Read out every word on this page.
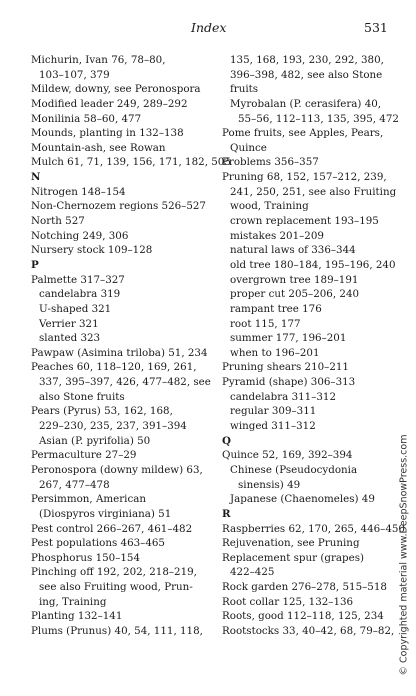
Index	531
Michurin, Ivan 76, 78–80,
103–107, 379
Mildew, downy, see Peronospora
Modified leader 249, 289–292
Monilinia 58–60, 477
Mounds, planting in 132–138
Mountain-ash, see Rowan
Mulch 61, 71, 139, 156, 171, 182, 505
N
Nitrogen 148–154
Non-Chernozem regions 526–527
North 527
Notching 249, 306
Nursery stock 109–128
P
Palmette 317–327
candelabra 319
U-shaped 321
Verrier 321
slanted 323
Pawpaw (Asimina triloba) 51, 234
Peaches 60, 118–120, 169, 261,
337, 395–397, 426, 477–482, see
also Stone fruits
Pears (Pyrus) 53, 162, 168,
229–230, 235, 237, 391–394
Asian (P. pyrifolia) 50
Permaculture 27–29
Peronospora (downy mildew) 63,
267, 477–478
Persimmon, American
(Diospyros virginiana) 51
Pest control 266–267, 461–482
Pest populations 463–465
Phosphorus 150–154
Pinching off 192, 202, 218–219,
see also Fruiting wood, Prun-
ing, Training
Planting 132–141
Plums (Prunus) 40, 54, 111, 118,
135, 168, 193, 230, 292, 380,
396–398, 482, see also Stone
fruits
Myrobalan (P. cerasifera) 40,
55–56, 112–113, 135, 395, 472
Pome fruits, see Apples, Pears,
Quince
Problems 356–357
Pruning 68, 152, 157–212, 239,
241, 250, 251, see also Fruiting
wood, Training
crown replacement 193–195
mistakes 201–209
natural laws of 336–344
old tree 180–184, 195–196, 240
overgrown tree 189–191
proper cut 205–206, 240
rampant tree 176
root 115, 177
summer 177, 196–201
when to 196–201
Pruning shears 210–211
Pyramid (shape) 306–313
candelabra 311–312
regular 309–311
winged 311–312
Q
Quince 52, 169, 392–394
Chinese (Pseudocydonia
sinensis) 49
Japanese (Chaenomeles) 49
R
Raspberries 62, 170, 265, 446–450
Rejuvenation, see Pruning
Replacement spur (grapes)
422–425
Rock garden 276–278, 515–518
Root collar 125, 132–136
Roots, good 112–118, 125, 234
Rootstocks 33, 40–42, 68, 79–82, © Copyrighted material www.DeepSnowPress.com
